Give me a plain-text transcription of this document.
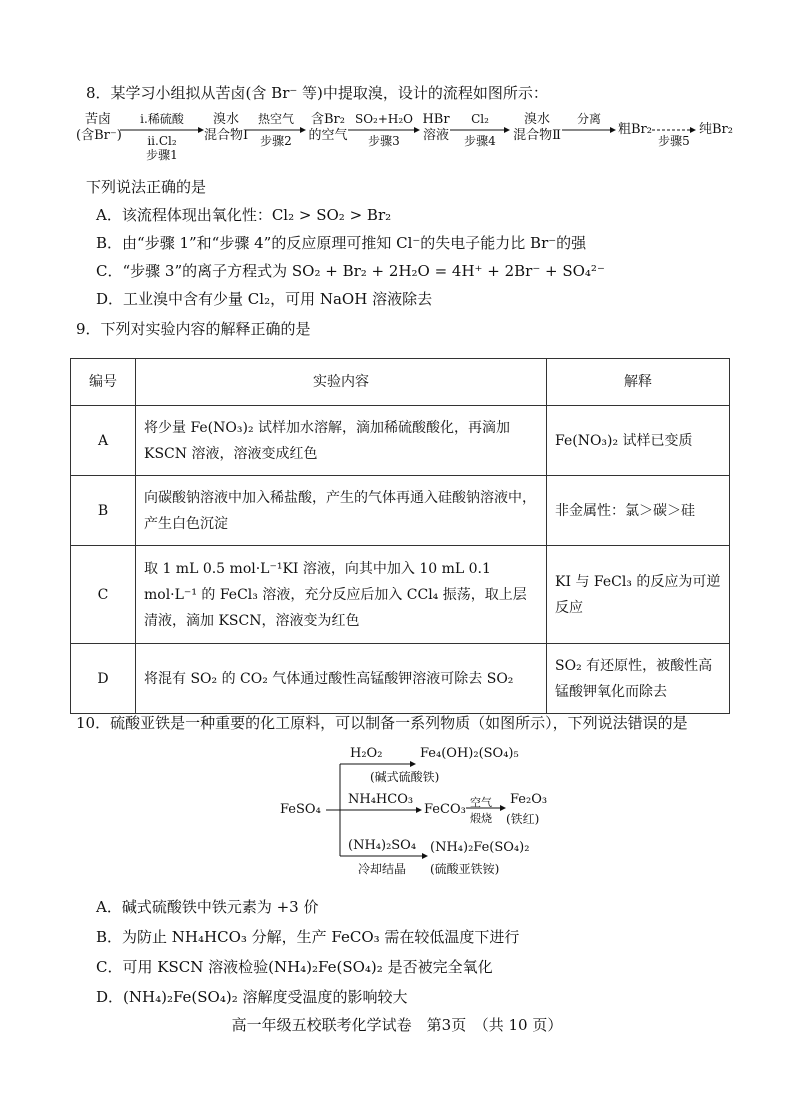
8．某学习小组拟从苦卤(含 Br⁻ 等)中提取溴，设计的流程如图所示：
苦卤
(含Br⁻)
i.稀硫酸
ii.Cl₂
步骤1
溴水
混合物Ⅰ
热空气
步骤2
含Br₂
的空气
SO₂+H₂O
步骤3
HBr
溶液
Cl₂
步骤4
溴水
混合物Ⅱ
分离
粗Br₂
步骤5
纯Br₂
下列说法正确的是
A．该流程体现出氧化性：Cl₂ > SO₂ > Br₂
B．由“步骤 1”和“步骤 4”的反应原理可推知 Cl⁻的失电子能力比 Br⁻的强
C．“步骤 3”的离子方程式为 SO₂ + Br₂ + 2H₂O = 4H⁺ + 2Br⁻ + SO₄²⁻
D．工业溴中含有少量 Cl₂，可用 NaOH 溶液除去
9．下列对实验内容的解释正确的是
编号	实验内容	解释
A	将少量 Fe(NO₃)₂ 试样加水溶解，滴加稀硫酸酸化，再滴加 KSCN 溶液，溶液变成红色	Fe(NO₃)₂ 试样已变质
B	向碳酸钠溶液中加入稀盐酸，产生的气体再通入硅酸钠溶液中，产生白色沉淀	非金属性：氯＞碳＞硅
C	取 1 mL 0.5 mol·L⁻¹KI 溶液，向其中加入 10 mL 0.1 mol·L⁻¹ 的 FeCl₃ 溶液，充分反应后加入 CCl₄ 振荡，取上层清液，滴加 KSCN，溶液变为红色	KI 与 FeCl₃ 的反应为可逆反应
D	将混有 SO₂ 的 CO₂ 气体通过酸性高锰酸钾溶液可除去 SO₂	SO₂ 有还原性，被酸性高锰酸钾氧化而除去
10．硫酸亚铁是一种重要的化工原料，可以制备一系列物质（如图所示），下列说法错误的是
FeSO₄
H₂O₂	Fe₄(OH)₂(SO₄)₅
(碱式硫酸铁)
NH₄HCO₃
FeCO₃ 空气
煅烧
Fe₂O₃
(铁红)
(NH₄)₂SO₄
冷却结晶
(NH₄)₂Fe(SO₄)₂
(硫酸亚铁铵)
A．碱式硫酸铁中铁元素为 +3 价
B．为防止 NH₄HCO₃ 分解，生产 FeCO₃ 需在较低温度下进行
C．可用 KSCN 溶液检验(NH₄)₂Fe(SO₄)₂ 是否被完全氧化
D．(NH₄)₂Fe(SO₄)₂ 溶解度受温度的影响较大
高一年级五校联考化学试卷　第3页　（共 10 页）
